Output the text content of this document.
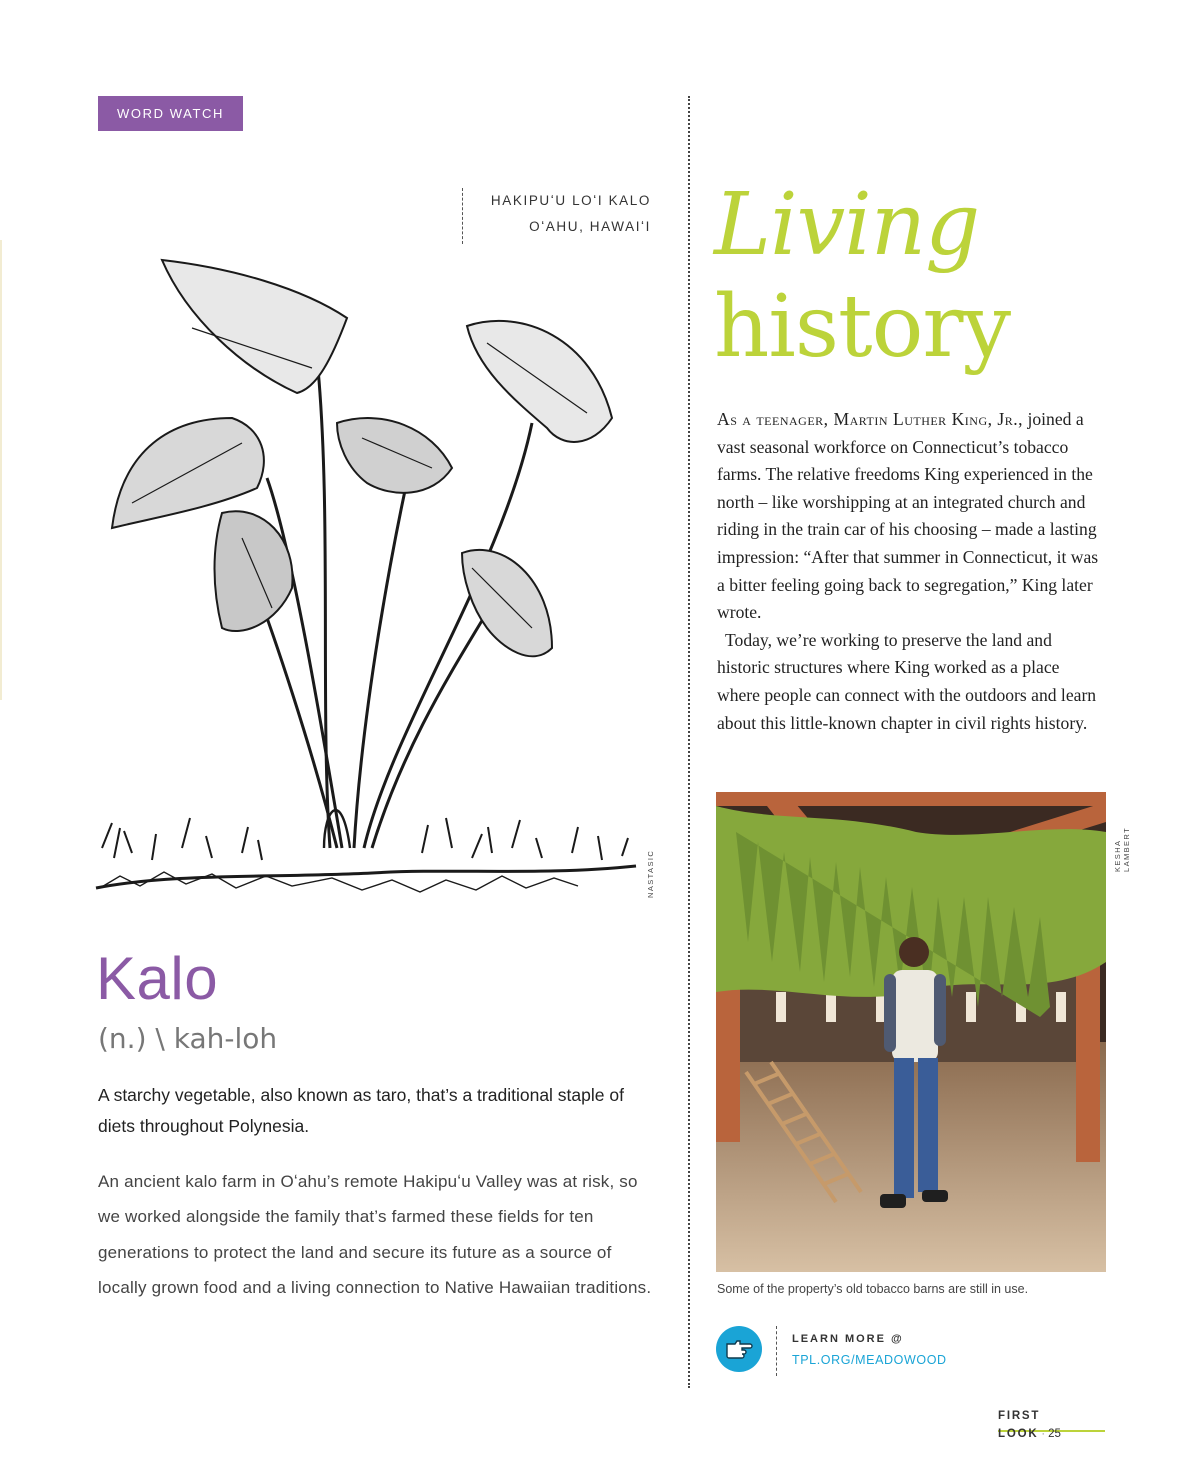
WORD WATCH
HAKIPUʻU LOʻI KALO
OʻAHU, HAWAIʻI
NASTASIC
Kalo
(n.) \ kah-loh
A starchy vegetable, also known as taro, that’s a traditional staple of diets throughout Polynesia.
An ancient kalo farm in Oʻahu’s remote Hakipuʻu Valley was at risk, so we worked alongside the family that’s farmed these fields for ten generations to protect the land and secure its future as a source of locally grown food and a living connection to Native Hawaiian traditions.
Living
history

As a teenager, Martin Luther King, Jr., joined a vast seasonal workforce on Connecticut’s tobacco farms. The relative freedoms King experienced in the north – like worshipping at an integrated church and riding in the train car of his choosing – made a lasting impression: “After that summer in Connecticut, it was a bitter feeling going back to segregation,” King later wrote.

Today, we’re working to preserve the land and historic structures where King worked as a place where people can connect with the outdoors and learn about this little-known chapter in civil rights history.

KESHA LAMBERT
Some of the property’s old tobacco barns are still in use.
LEARN MORE @
TPL.ORG/MEADOWOOD
FIRST LOOK · 25
